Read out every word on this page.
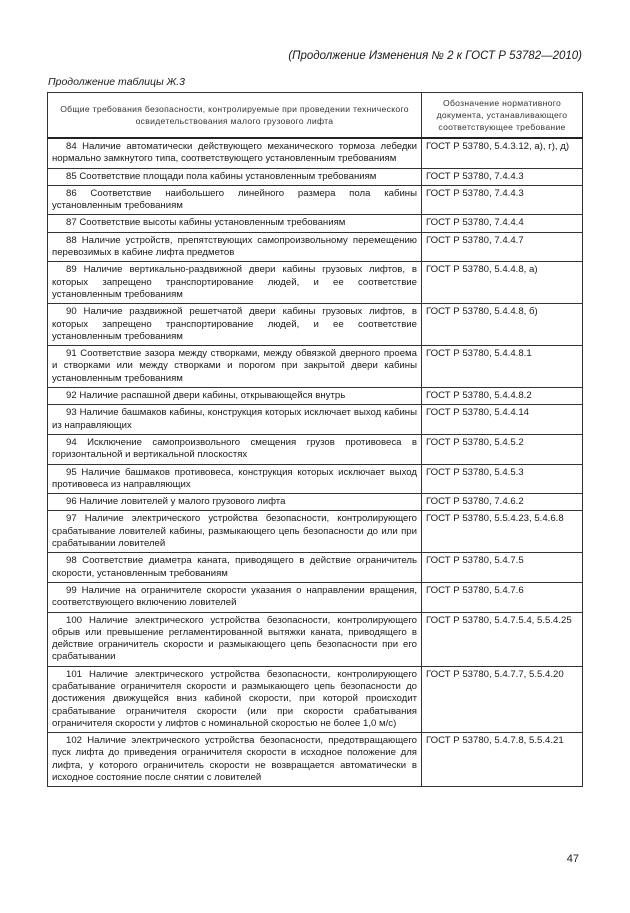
(Продолжение Изменения № 2 к ГОСТ Р 53782—2010)
Продолжение таблицы Ж.3
Общие требования безопасности, контролируемые при проведении технического освидетельствования малого грузового лифта	Обозначение нормативного документа, устанавливающего соответствующее требование
84 Наличие автоматически действующего механического тормоза лебедки нормально замкнутого типа, соответствующего установленным требованиям	ГОСТ Р 53780, 5.4.3.12, а), г), д)
85 Соответствие площади пола кабины установленным требованиям	ГОСТ Р 53780, 7.4.4.3
86 Соответствие наибольшего линейного размера пола кабины установленным требованиям	ГОСТ Р 53780, 7.4.4.3
87 Соответствие высоты кабины установленным требованиям	ГОСТ Р 53780, 7.4.4.4
88 Наличие устройств, препятствующих самопроизвольному перемещению перевозимых в кабине лифта предметов	ГОСТ Р 53780, 7.4.4.7
89 Наличие вертикально-раздвижной двери кабины грузовых лифтов, в которых запрещено транспортирование людей, и ее соответствие установленным требованиям	ГОСТ Р 53780, 5.4.4.8, а)
90 Наличие раздвижной решетчатой двери кабины грузовых лифтов, в которых запрещено транспортирование людей, и ее соответствие установленным требованиям	ГОСТ Р 53780, 5.4.4.8, б)
91 Соответствие зазора между створками, между обвязкой дверного проема и створками или между створками и порогом при закрытой двери кабины установленным требованиям	ГОСТ Р 53780, 5.4.4.8.1
92 Наличие распашной двери кабины, открывающейся внутрь	ГОСТ Р 53780, 5.4.4.8.2
93 Наличие башмаков кабины, конструкция которых исключает выход кабины из направляющих	ГОСТ Р 53780, 5.4.4.14
94 Исключение самопроизвольного смещения грузов противовеса в горизонтальной и вертикальной плоскостях	ГОСТ Р 53780, 5.4.5.2
95 Наличие башмаков противовеса, конструкция которых исключает выход противовеса из направляющих	ГОСТ Р 53780, 5.4.5.3
96 Наличие ловителей у малого грузового лифта	ГОСТ Р 53780, 7.4.6.2
97 Наличие электрического устройства безопасности, контролирующего срабатывание ловителей кабины, размыкающего цепь безопасности до или при срабатывании ловителей	ГОСТ Р 53780, 5.5.4.23, 5.4.6.8
98 Соответствие диаметра каната, приводящего в действие ограничитель скорости, установленным требованиям	ГОСТ Р 53780, 5.4.7.5
99 Наличие на ограничителе скорости указания о направлении вращения, соответствующего включению ловителей	ГОСТ Р 53780, 5.4.7.6
100 Наличие электрического устройства безопасности, контролирующего обрыв или превышение регламентированной вытяжки каната, приводящего в действие ограничитель скорости и размыкающего цепь безопасности при его срабатывании	ГОСТ Р 53780, 5.4.7.5.4, 5.5.4.25
101 Наличие электрического устройства безопасности, контролирующего срабатывание ограничителя скорости и размыкающего цепь безопасности до достижения движущейся вниз кабиной скорости, при которой происходит срабатывание ограничителя скорости (или при скорости срабатывания ограничителя скорости у лифтов с номинальной скоростью не более 1,0 м/с)	ГОСТ Р 53780, 5.4.7.7, 5.5.4.20
102 Наличие электрического устройства безопасности, предотвращающего пуск лифта до приведения ограничителя скорости в исходное положение для лифта, у которого ограничитель скорости не возвращается автоматически в исходное состояние после снятии с ловителей	ГОСТ Р 53780, 5.4.7.8, 5.5.4.21
47
